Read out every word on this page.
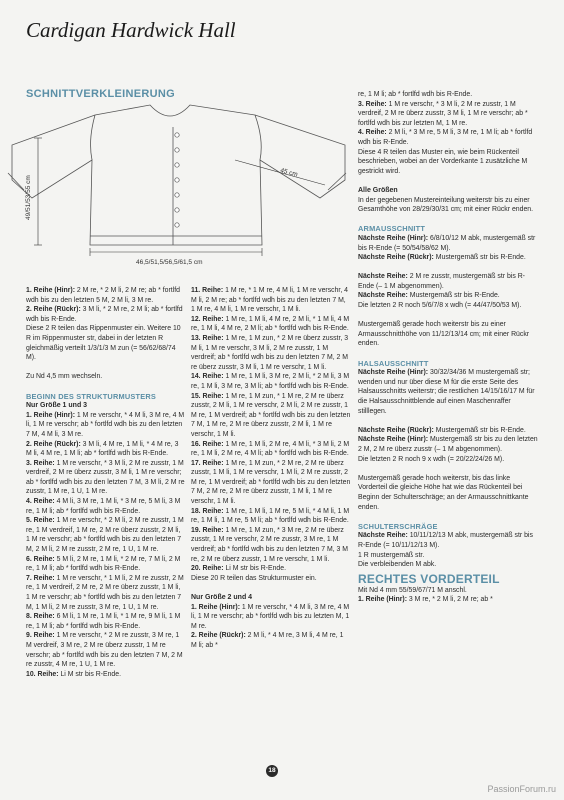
Cardigan Hardwick Hall
SCHNITTVERKLEINERUNG
49/51/53/55 cm
46,5/51,5/56,5/61,5 cm
45 cm
1. Reihe (Hinr): 2 M re, * 2 M li, 2 M re; ab * fortlfd wdh bis zu den letzten 5 M, 2 M li, 3 M re.
2. Reihe (Rückr): 3 M li, * 2 M re, 2 M li; ab * fortlfd wdh bis R-Ende.
Diese 2 R teilen das Rippenmuster ein. Weitere 10 R im Rippenmuster str, dabei in der letzten R gleichmäßig verteilt 1/3/1/3 M zun (= 56/62/68/74 M).

Zu Nd 4,5 mm wechseln.

BEGINN DES STRUKTURMUSTERS
Nur Größe 1 und 3
1. Reihe (Hinr): 1 M re verschr, * 4 M li, 3 M re, 4 M li, 1 M re verschr; ab * fortlfd wdh bis zu den letzten 7 M, 4 M li, 3 M re.
2. Reihe (Rückr): 3 M li, 4 M re, 1 M li, * 4 M re, 3 M li, 4 M re, 1 M li; ab * fortlfd wdh bis R-Ende.
3. Reihe: 1 M re verschr, * 3 M li, 2 M re zusstr, 1 M verdreif, 2 M re überz zusstr, 3 M li, 1 M re verschr; ab * fortlfd wdh bis zu den letzten 7 M, 3 M li, 2 M re zusstr, 1 M re, 1 U, 1 M re.
4. Reihe: 4 M li, 3 M re, 1 M li, * 3 M re, 5 M li, 3 M re, 1 M li; ab * fortlfd wdh bis R-Ende.
5. Reihe: 1 M re verschr, * 2 M li, 2 M re zusstr, 1 M re, 1 M verdreif, 1 M re, 2 M re überz zusstr, 2 M li, 1 M re verschr; ab * fortlfd wdh bis zu den letzten 7 M, 2 M li, 2 M re zusstr, 2 M re, 1 U, 1 M re.
6. Reihe: 5 M li, 2 M re, 1 M li, * 2 M re, 7 M li, 2 M re, 1 M li; ab * fortlfd wdh bis R-Ende.
7. Reihe: 1 M re verschr, * 1 M li, 2 M re zusstr, 2 M re, 1 M verdreif, 2 M re, 2 M re überz zusstr, 1 M li, 1 M re verschr; ab * fortlfd wdh bis zu den letzten 7 M, 1 M li, 2 M re zusstr, 3 M re, 1 U, 1 M re.
8. Reihe: 6 M li, 1 M re, 1 M li, * 1 M re, 9 M li, 1 M re, 1 M li; ab * fortlfd wdh bis R-Ende.
9. Reihe: 1 M re verschr, * 2 M re zusstr, 3 M re, 1 M verdreif, 3 M re, 2 M re überz zusstr, 1 M re verschr; ab * fortlfd wdh bis zu den letzten 7 M, 2 M re zusstr, 4 M re, 1 U, 1 M re.
10. Reihe: Li M str bis R-Ende.
11. Reihe: 1 M re, * 1 M re, 4 M li, 1 M re verschr, 4 M li, 2 M re; ab * fortlfd wdh bis zu den letzten 7 M, 1 M re, 4 M li, 1 M re verschr, 1 M li.
12. Reihe: 1 M re, 1 M li, 4 M re, 2 M li, * 1 M li, 4 M re, 1 M li, 4 M re, 2 M li; ab * fortlfd wdh bis R-Ende.
13. Reihe: 1 M re, 1 M zun, * 2 M re überz zusstr, 3 M li, 1 M re verschr, 3 M li, 2 M re zusstr, 1 M verdreif; ab * fortlfd wdh bis zu den letzten 7 M, 2 M re überz zusstr, 3 M li, 1 M re verschr, 1 M li.
14. Reihe: 1 M re, 1 M li, 3 M re, 2 M li, * 2 M li, 3 M re, 1 M li, 3 M re, 3 M li; ab * fortlfd wdh bis R-Ende.
15. Reihe: 1 M re, 1 M zun, * 1 M re, 2 M re überz zusstr, 2 M li, 1 M re verschr, 2 M li, 2 M re zusstr, 1 M re, 1 M verdreif; ab * fortlfd wdh bis zu den letzten 7 M, 1 M re, 2 M re überz zusstr, 2 M li, 1 M re verschr, 1 M li.
16. Reihe: 1 M re, 1 M li, 2 M re, 4 M li, * 3 M li, 2 M re, 1 M li, 2 M re, 4 M li; ab * fortlfd wdh bis R-Ende.
17. Reihe: 1 M re, 1 M zun, * 2 M re, 2 M re überz zusstr, 1 M li, 1 M re verschr, 1 M li, 2 M re zusstr, 2 M re, 1 M verdreif; ab * fortlfd wdh bis zu den letzten 7 M, 2 M re, 2 M re überz zusstr, 1 M li, 1 M re verschr, 1 M li.
18. Reihe: 1 M re, 1 M li, 1 M re, 5 M li, * 4 M li, 1 M re, 1 M li, 1 M re, 5 M li; ab * fortlfd wdh bis R-Ende.
19. Reihe: 1 M re, 1 M zun, * 3 M re, 2 M re überz zusstr, 1 M re verschr, 2 M re zusstr, 3 M re, 1 M verdreif; ab * fortlfd wdh bis zu den letzten 7 M, 3 M re, 2 M re überz zusstr, 1 M re verschr, 1 M li.
20. Reihe: Li M str bis R-Ende.

Diese 20 R teilen das Strukturmuster ein.

Nur Größe 2 und 4
1. Reihe (Hinr): 1 M re verschr, * 4 M li, 3 M re, 4 M li, 1 M re verschr; ab * fortlfd wdh bis zu letzten M, 1 M re.
2. Reihe (Rückr): 2 M li, * 4 M re, 3 M li, 4 M re, 1 M li; ab *
re, 1 M li; ab * fortlfd wdh bis R-Ende.
3. Reihe: 1 M re verschr, * 3 M li, 2 M re zusstr, 1 M verdreif, 2 M re überz zusstr, 3 M li, 1 M re verschr; ab * fortlfd wdh bis zur letzten M, 1 M re.
4. Reihe: 2 M li, * 3 M re, 5 M li, 3 M re, 1 M li; ab * fortlfd wdh bis R-Ende.

Diese 4 R teilen das Muster ein, wie beim Rückenteil beschrieben, wobei an der Vorderkante 1 zusätzliche M gestrickt wird.

Alle Größen

In der gegebenen Mustereinteilung weiterstr bis zu einer Gesamthöhe von 28/29/30/31 cm; mit einer Rückr enden.

ARMAUSSCHNITT
Nächste Reihe (Hinr): 6/8/10/12 M abk, mustergemäß str bis R-Ende (= 50/54/58/62 M).
Nächste Reihe (Rückr): Mustergemäß str bis R-Ende.
Nächste Reihe: 2 M re zusstr, mustergemäß str bis R-Ende (– 1 M abgenommen).
Nächste Reihe: Mustergemäß str bis R-Ende.
Die letzten 2 R noch 5/6/7/8 x wdh (= 44/47/50/53 M).

Mustergemäß gerade hoch weiterstr bis zu einer Armausschnitthöhe von 11/12/13/14 cm; mit einer Rückr enden.

HALSAUSSCHNITT
Nächste Reihe (Hinr): 30/32/34/36 M mustergemäß str; wenden und nur über diese M für die erste Seite des Halsausschnitts weiterstr; die restlichen 14/15/16/17 M für die Halsausschnittblende auf einen Maschenraffer stilllegen.
Nächste Reihe (Rückr): Mustergemäß str bis R-Ende.
Nächste Reihe (Hinr): Mustergemäß str bis zu den letzten 2 M, 2 M re überz zusstr (– 1 M abgenommen).
Die letzten 2 R noch 9 x wdh (= 20/22/24/26 M).

Mustergemäß gerade hoch weiterstr, bis das linke Vorderteil die gleiche Höhe hat wie das Rückenteil bei Beginn der Schulterschräge; an der Armausschnittkante enden.

SCHULTERSCHRÄGE
Nächste Reihe: 10/11/12/13 M abk, mustergemäß str bis R-Ende (= 10/11/12/13 M).
1 R mustergemäß str.
Die verbleibenden M abk.
RECHTES VORDERTEIL
Mit Nd 4 mm 55/59/67/71 M anschl.
1. Reihe (Hinr): 3 M re, * 2 M li, 2 M re; ab *
18
PassionForum.ru
